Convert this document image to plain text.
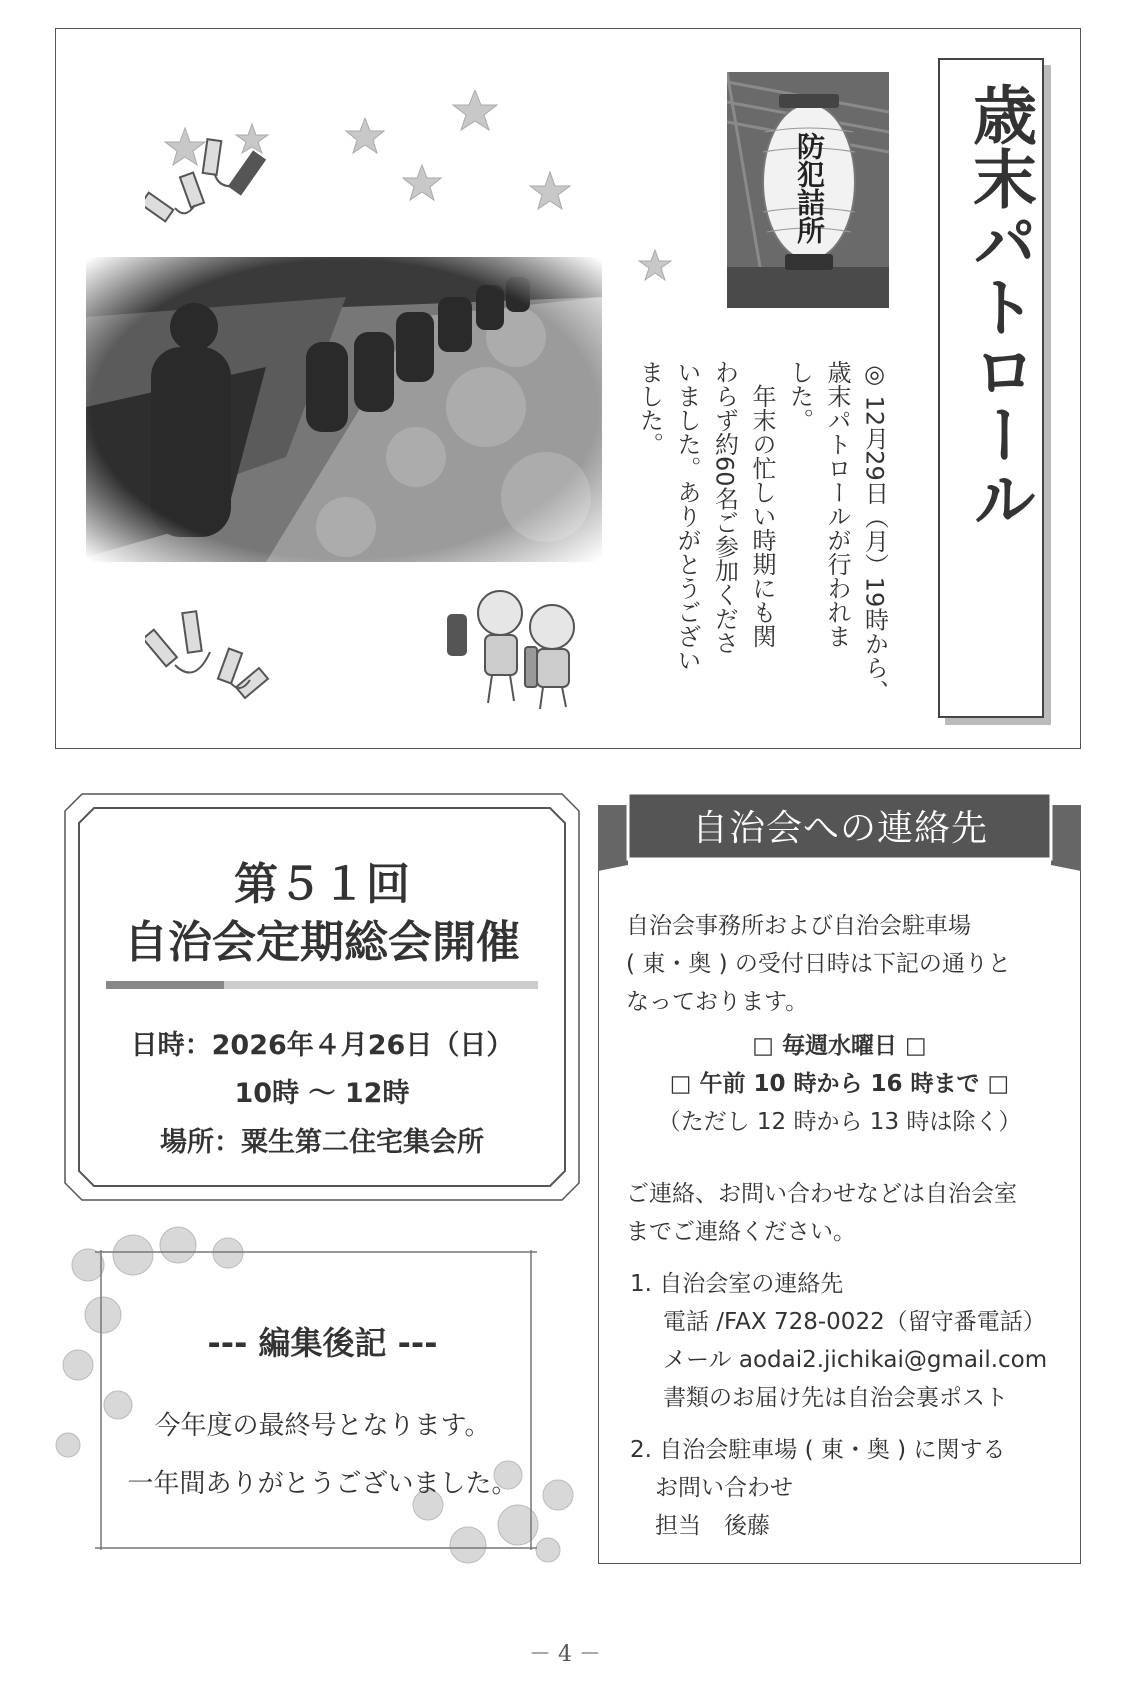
防犯詰所

◎ 12月29日（月）19時から、

歳末パトロールが行われま

した。

　年末の忙しい時期にも関

わらず約60名ご参加くださ

いました。ありがとうござい

ました。	歳末パトロール
第５１回
自治会定期総会開催
日時：2026年４月26日（日）
10時 ～ 12時
場所：粟生第二住宅集会所
--- 編集後記 ---
今年度の最終号となります。
一年間ありがとうございました。
自治会への連絡先
自治会事務所および自治会駐車場
( 東・奥 ) の受付日時は下記の通りと
なっております。
□ 毎週水曜日 □
□ 午前 10 時から 16 時まで □
（ただし 12 時から 13 時は除く）
ご連絡、お問い合わせなどは自治会室
までご連絡ください。
1. 自治会室の連絡先
電話 /FAX 728-0022（留守番電話）
メール aodai2.jichikai@gmail.com
書類のお届け先は自治会裏ポスト
2. 自治会駐車場 ( 東・奥 ) に関する
お問い合わせ
担当　後藤
－ 4 －
